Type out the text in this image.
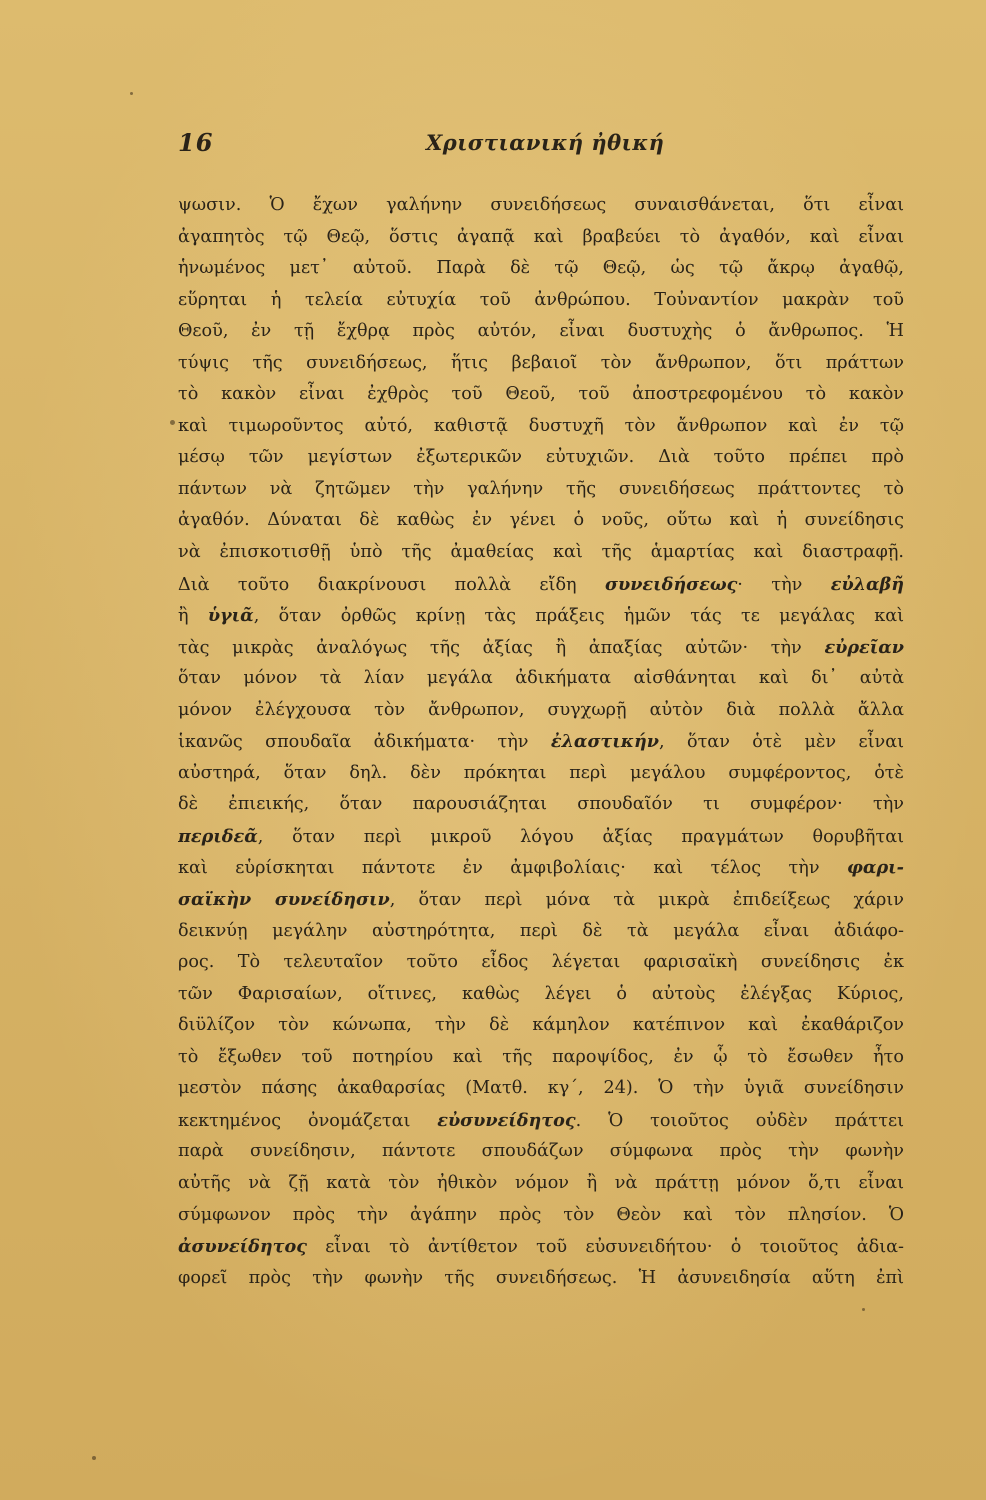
16	Χριστιανική ἠθική
ψωσιν. Ὁ ἔχων γαλήνην συνειδήσεως συναισθάνεται, ὅτι εἶναι
ἀγαπητὸς τῷ Θεῷ, ὅστις ἀγαπᾷ καὶ βραβεύει τὸ ἀγαθόν, καὶ εἶναι
ἡνωμένος μετ᾽ αὐτοῦ. Παρὰ δὲ τῷ Θεῷ, ὡς τῷ ἄκρῳ ἀγαθῷ,
εὕρηται ἡ τελεία εὐτυχία τοῦ ἀνθρώπου. Τοὐναντίον μακρὰν τοῦ
Θεοῦ, ἐν τῇ ἔχθρᾳ πρὸς αὐτόν, εἶναι δυστυχὴς ὁ ἄνθρωπος. Ἡ
τύψις τῆς συνειδήσεως, ἥτις βεβαιοῖ τὸν ἄνθρωπον, ὅτι πράττων
τὸ κακὸν εἶναι ἐχθρὸς τοῦ Θεοῦ, τοῦ ἀποστρεφομένου τὸ κακὸν
καὶ τιμωροῦντος αὐτό, καθιστᾷ δυστυχῆ τὸν ἄνθρωπον καὶ ἐν τῷ
μέσῳ τῶν μεγίστων ἐξωτερικῶν εὐτυχιῶν. Διὰ τοῦτο πρέπει πρὸ
πάντων νὰ ζητῶμεν τὴν γαλήνην τῆς συνειδήσεως πράττοντες τὸ
ἀγαθόν. Δύναται δὲ καθὼς ἐν γένει ὁ νοῦς, οὕτω καὶ ἡ συνείδησις
νὰ ἐπισκοτισθῇ ὑπὸ τῆς ἀμαθείας καὶ τῆς ἁμαρτίας καὶ διαστραφῇ.
Διὰ τοῦτο διακρίνουσι πολλὰ εἴδη συνειδήσεως· τὴν εὐλαβῆ
ἢ ὑγιᾶ, ὅταν ὀρθῶς κρίνῃ τὰς πράξεις ἡμῶν τάς τε μεγάλας καὶ
τὰς μικρὰς ἀναλόγως τῆς ἀξίας ἢ ἀπαξίας αὐτῶν· τὴν εὐρεῖαν
ὅταν μόνον τὰ λίαν μεγάλα ἀδικήματα αἰσθάνηται καὶ δι᾽ αὐτὰ
μόνον ἐλέγχουσα τὸν ἄνθρωπον, συγχωρῇ αὐτὸν διὰ πολλὰ ἄλλα
ἱκανῶς σπουδαῖα ἀδικήματα· τὴν ἐλαστικήν, ὅταν ὁτὲ μὲν εἶναι
αὐστηρά, ὅταν δηλ. δὲν πρόκηται περὶ μεγάλου συμφέροντος, ὁτὲ
δὲ ἐπιεικής, ὅταν παρουσιάζηται σπουδαῖόν τι συμφέρον· τὴν
περιδεᾶ, ὅταν περὶ μικροῦ λόγου ἀξίας πραγμάτων θορυβῆται
καὶ εὑρίσκηται πάντοτε ἐν ἀμφιβολίαις· καὶ τέλος τὴν φαρι-
σαϊκὴν συνείδησιν, ὅταν περὶ μόνα τὰ μικρὰ ἐπιδείξεως χάριν
δεικνύῃ μεγάλην αὐστηρότητα, περὶ δὲ τὰ μεγάλα εἶναι ἀδιάφο-
ρος. Τὸ τελευταῖον τοῦτο εἶδος λέγεται φαρισαϊκὴ συνείδησις ἐκ
τῶν Φαρισαίων, οἵτινες, καθὼς λέγει ὁ αὐτοὺς ἐλέγξας Κύριος,
διϋλίζον τὸν κώνωπα, τὴν δὲ κάμηλον κατέπινον καὶ ἐκαθάριζον
τὸ ἔξωθεν τοῦ ποτηρίου καὶ τῆς παροψίδος, ἐν ᾧ τὸ ἔσωθεν ἦτο
μεστὸν πάσης ἀκαθαρσίας (Ματθ. κγ´, 24). Ὁ τὴν ὑγιᾶ συνείδησιν
κεκτημένος ὀνομάζεται εὐσυνείδητος. Ὁ τοιοῦτος οὐδὲν πράττει
παρὰ συνείδησιν, πάντοτε σπουδάζων σύμφωνα πρὸς τὴν φωνὴν
αὐτῆς νὰ ζῇ κατὰ τὸν ἠθικὸν νόμον ἢ νὰ πράττῃ μόνον ὅ,τι εἶναι
σύμφωνον πρὸς τὴν ἀγάπην πρὸς τὸν Θεὸν καὶ τὸν πλησίον. Ὁ
ἀσυνείδητος εἶναι τὸ ἀντίθετον τοῦ εὐσυνειδήτου· ὁ τοιοῦτος ἀδια-
φορεῖ πρὸς τὴν φωνὴν τῆς συνειδήσεως. Ἡ ἀσυνειδησία αὕτη ἐπὶ
